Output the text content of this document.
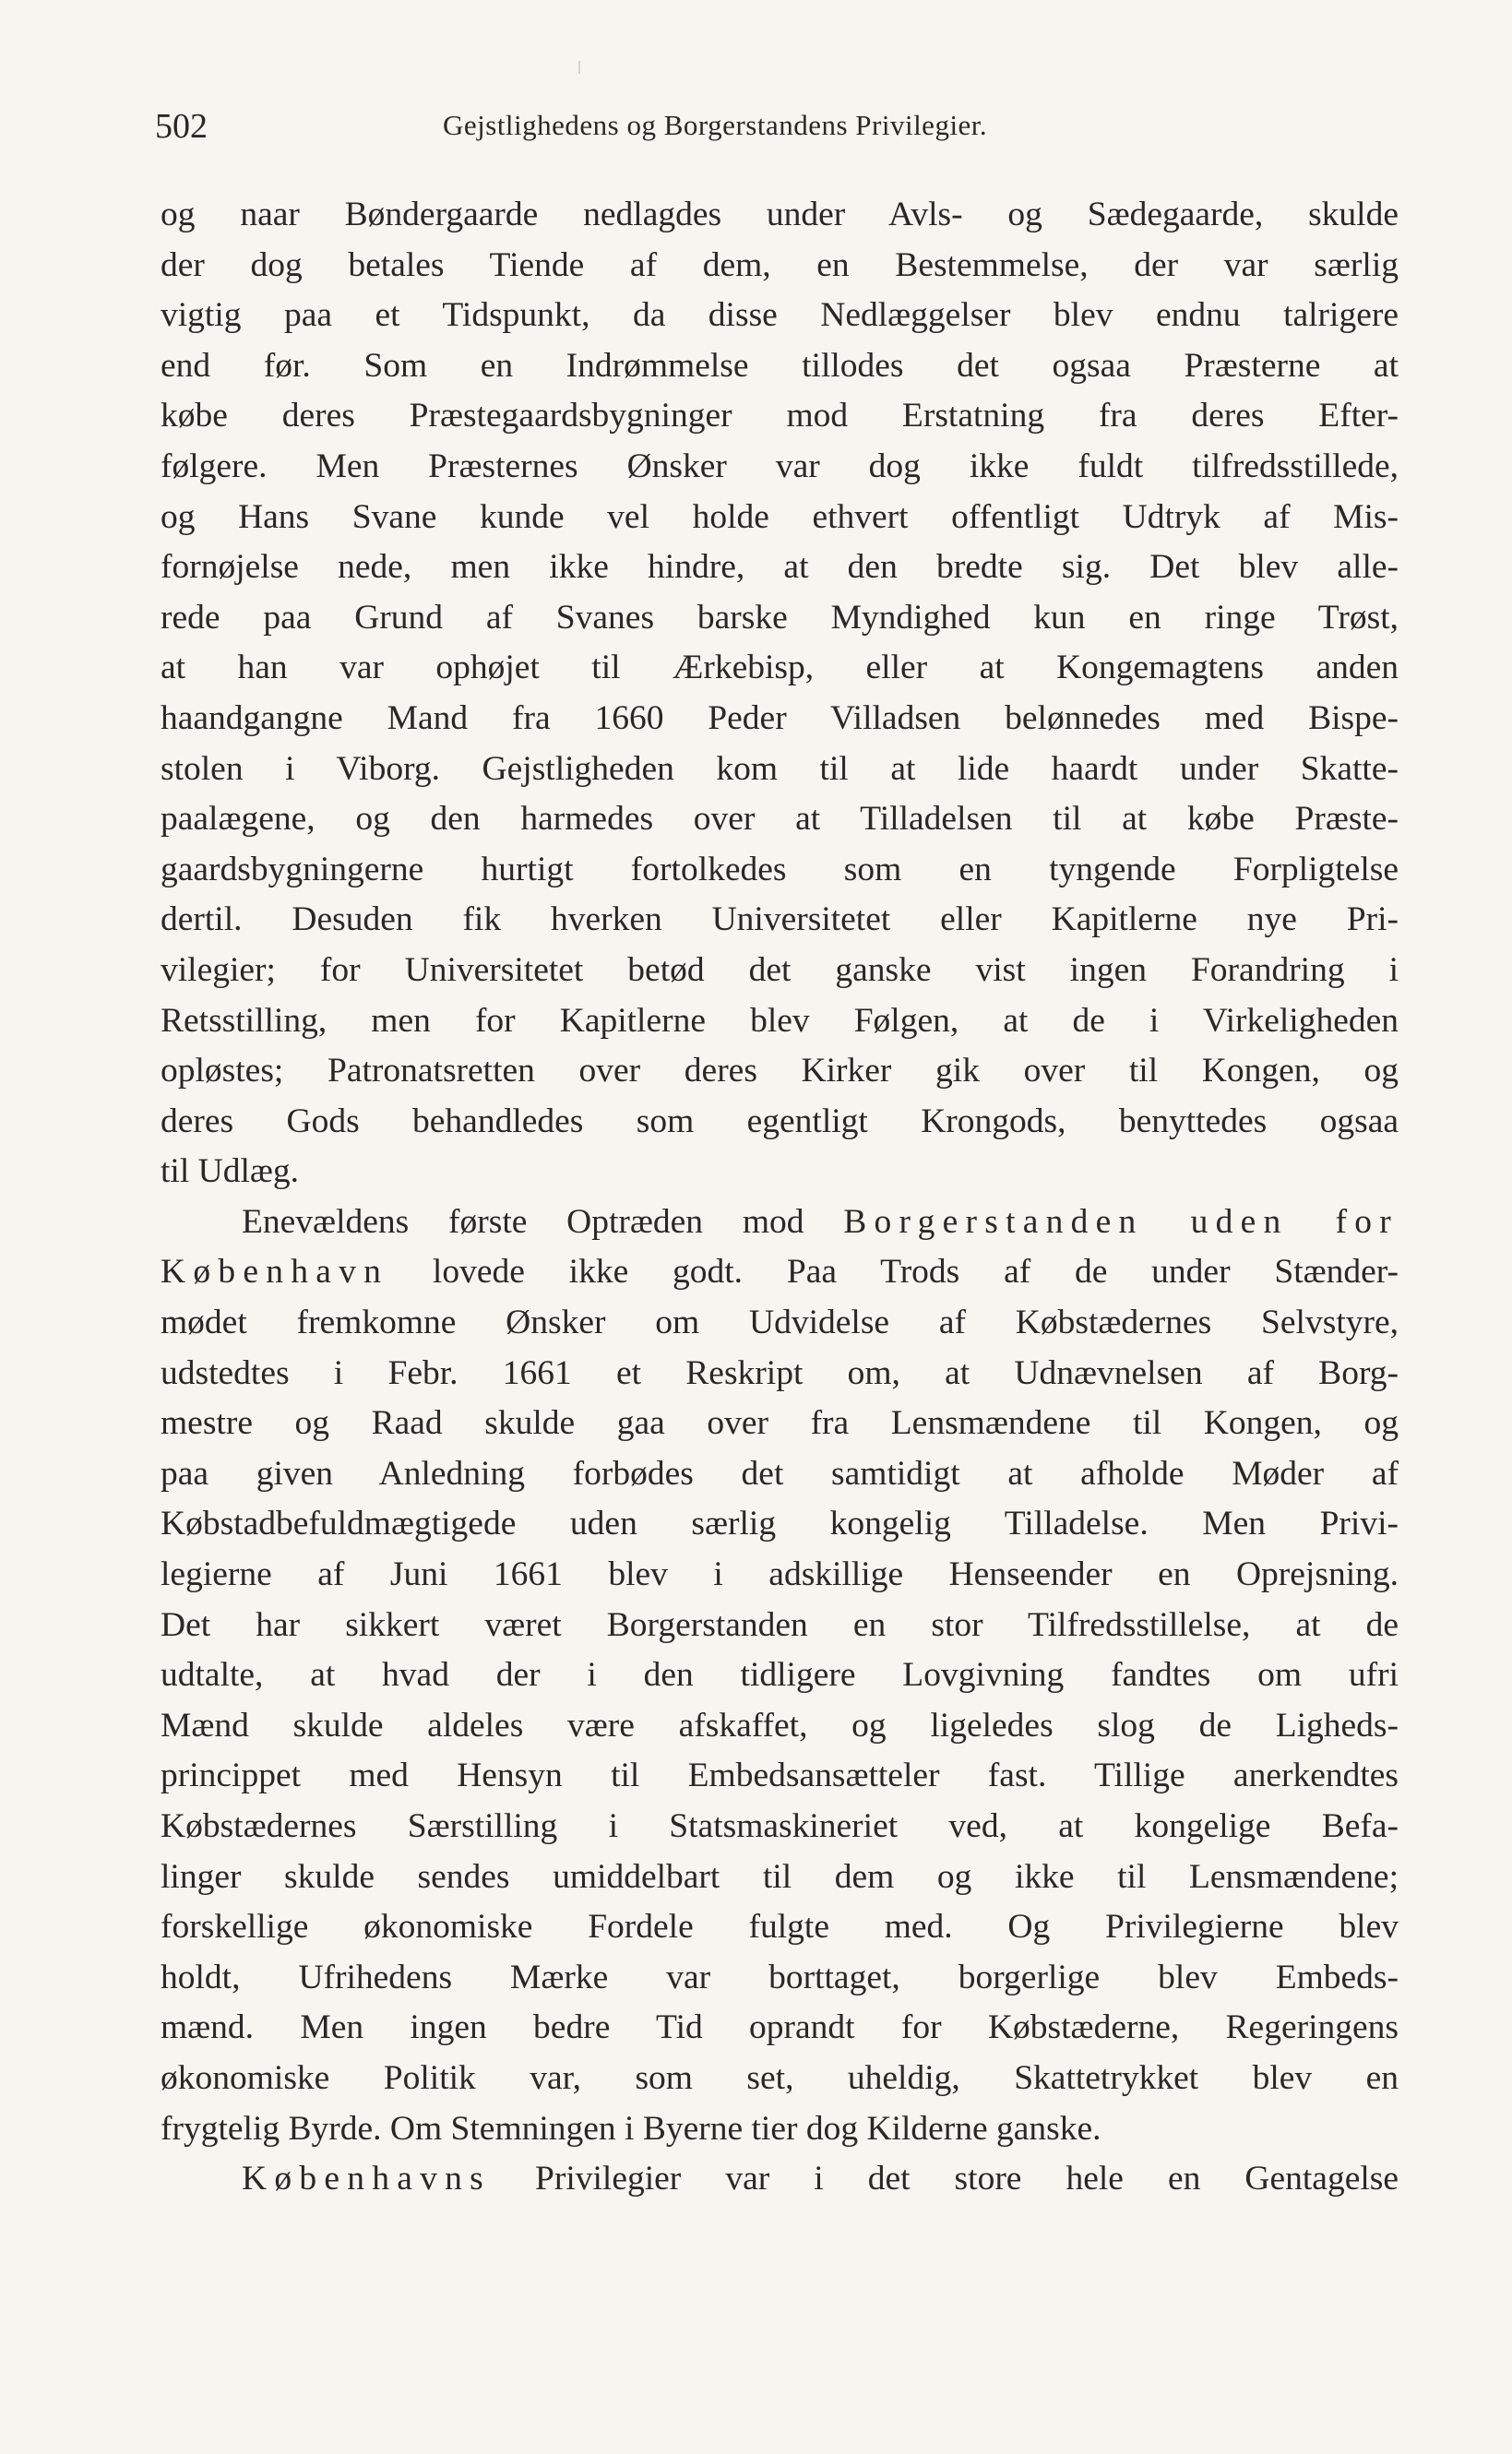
502	Gejstlighedens og Borgerstandens Privilegier.
og naar Bøndergaarde nedlagdes under Avls- og Sædegaarde, skulde
der dog betales Tiende af dem, en Bestemmelse, der var særlig
vigtig paa et Tidspunkt, da disse Nedlæggelser blev endnu talrigere
end før. Som en Indrømmelse tillodes det ogsaa Præsterne at
købe deres Præstegaardsbygninger mod Erstatning fra deres Efter-
følgere. Men Præsternes Ønsker var dog ikke fuldt tilfredsstillede,
og Hans Svane kunde vel holde ethvert offentligt Udtryk af Mis-
fornøjelse nede, men ikke hindre, at den bredte sig. Det blev alle-
rede paa Grund af Svanes barske Myndighed kun en ringe Trøst,
at han var ophøjet til Ærkebisp, eller at Kongemagtens anden
haandgangne Mand fra 1660 Peder Villadsen belønnedes med Bispe-
stolen i Viborg. Gejstligheden kom til at lide haardt under Skatte-
paalægene, og den harmedes over at Tilladelsen til at købe Præste-
gaardsbygningerne hurtigt fortolkedes som en tyngende Forpligtelse
dertil. Desuden fik hverken Universitetet eller Kapitlerne nye Pri-
vilegier; for Universitetet betød det ganske vist ingen Forandring i
Retsstilling, men for Kapitlerne blev Følgen, at de i Virkeligheden
opløstes; Patronatsretten over deres Kirker gik over til Kongen, og
deres Gods behandledes som egentligt Krongods, benyttedes ogsaa
til Udlæg.
Enevældens første Optræden mod Borgerstanden uden for
København lovede ikke godt. Paa Trods af de under Stænder-
mødet fremkomne Ønsker om Udvidelse af Købstædernes Selvstyre,
udstedtes i Febr. 1661 et Reskript om, at Udnævnelsen af Borg-
mestre og Raad skulde gaa over fra Lensmændene til Kongen, og
paa given Anledning forbødes det samtidigt at afholde Møder af
Købstadbefuldmægtigede uden særlig kongelig Tilladelse. Men Privi-
legierne af Juni 1661 blev i adskillige Henseender en Oprejsning.
Det har sikkert været Borgerstanden en stor Tilfredsstillelse, at de
udtalte, at hvad der i den tidligere Lovgivning fandtes om ufri
Mænd skulde aldeles være afskaffet, og ligeledes slog de Ligheds-
princippet med Hensyn til Embedsansætteler fast. Tillige anerkendtes
Købstædernes Særstilling i Statsmaskineriet ved, at kongelige Befa-
linger skulde sendes umiddelbart til dem og ikke til Lensmændene;
forskellige økonomiske Fordele fulgte med. Og Privilegierne blev
holdt, Ufrihedens Mærke var borttaget, borgerlige blev Embeds-
mænd. Men ingen bedre Tid oprandt for Købstæderne, Regeringens
økonomiske Politik var, som set, uheldig, Skattetrykket blev en
frygtelig Byrde. Om Stemningen i Byerne tier dog Kilderne ganske.
Københavns Privilegier var i det store hele en Gentagelse
